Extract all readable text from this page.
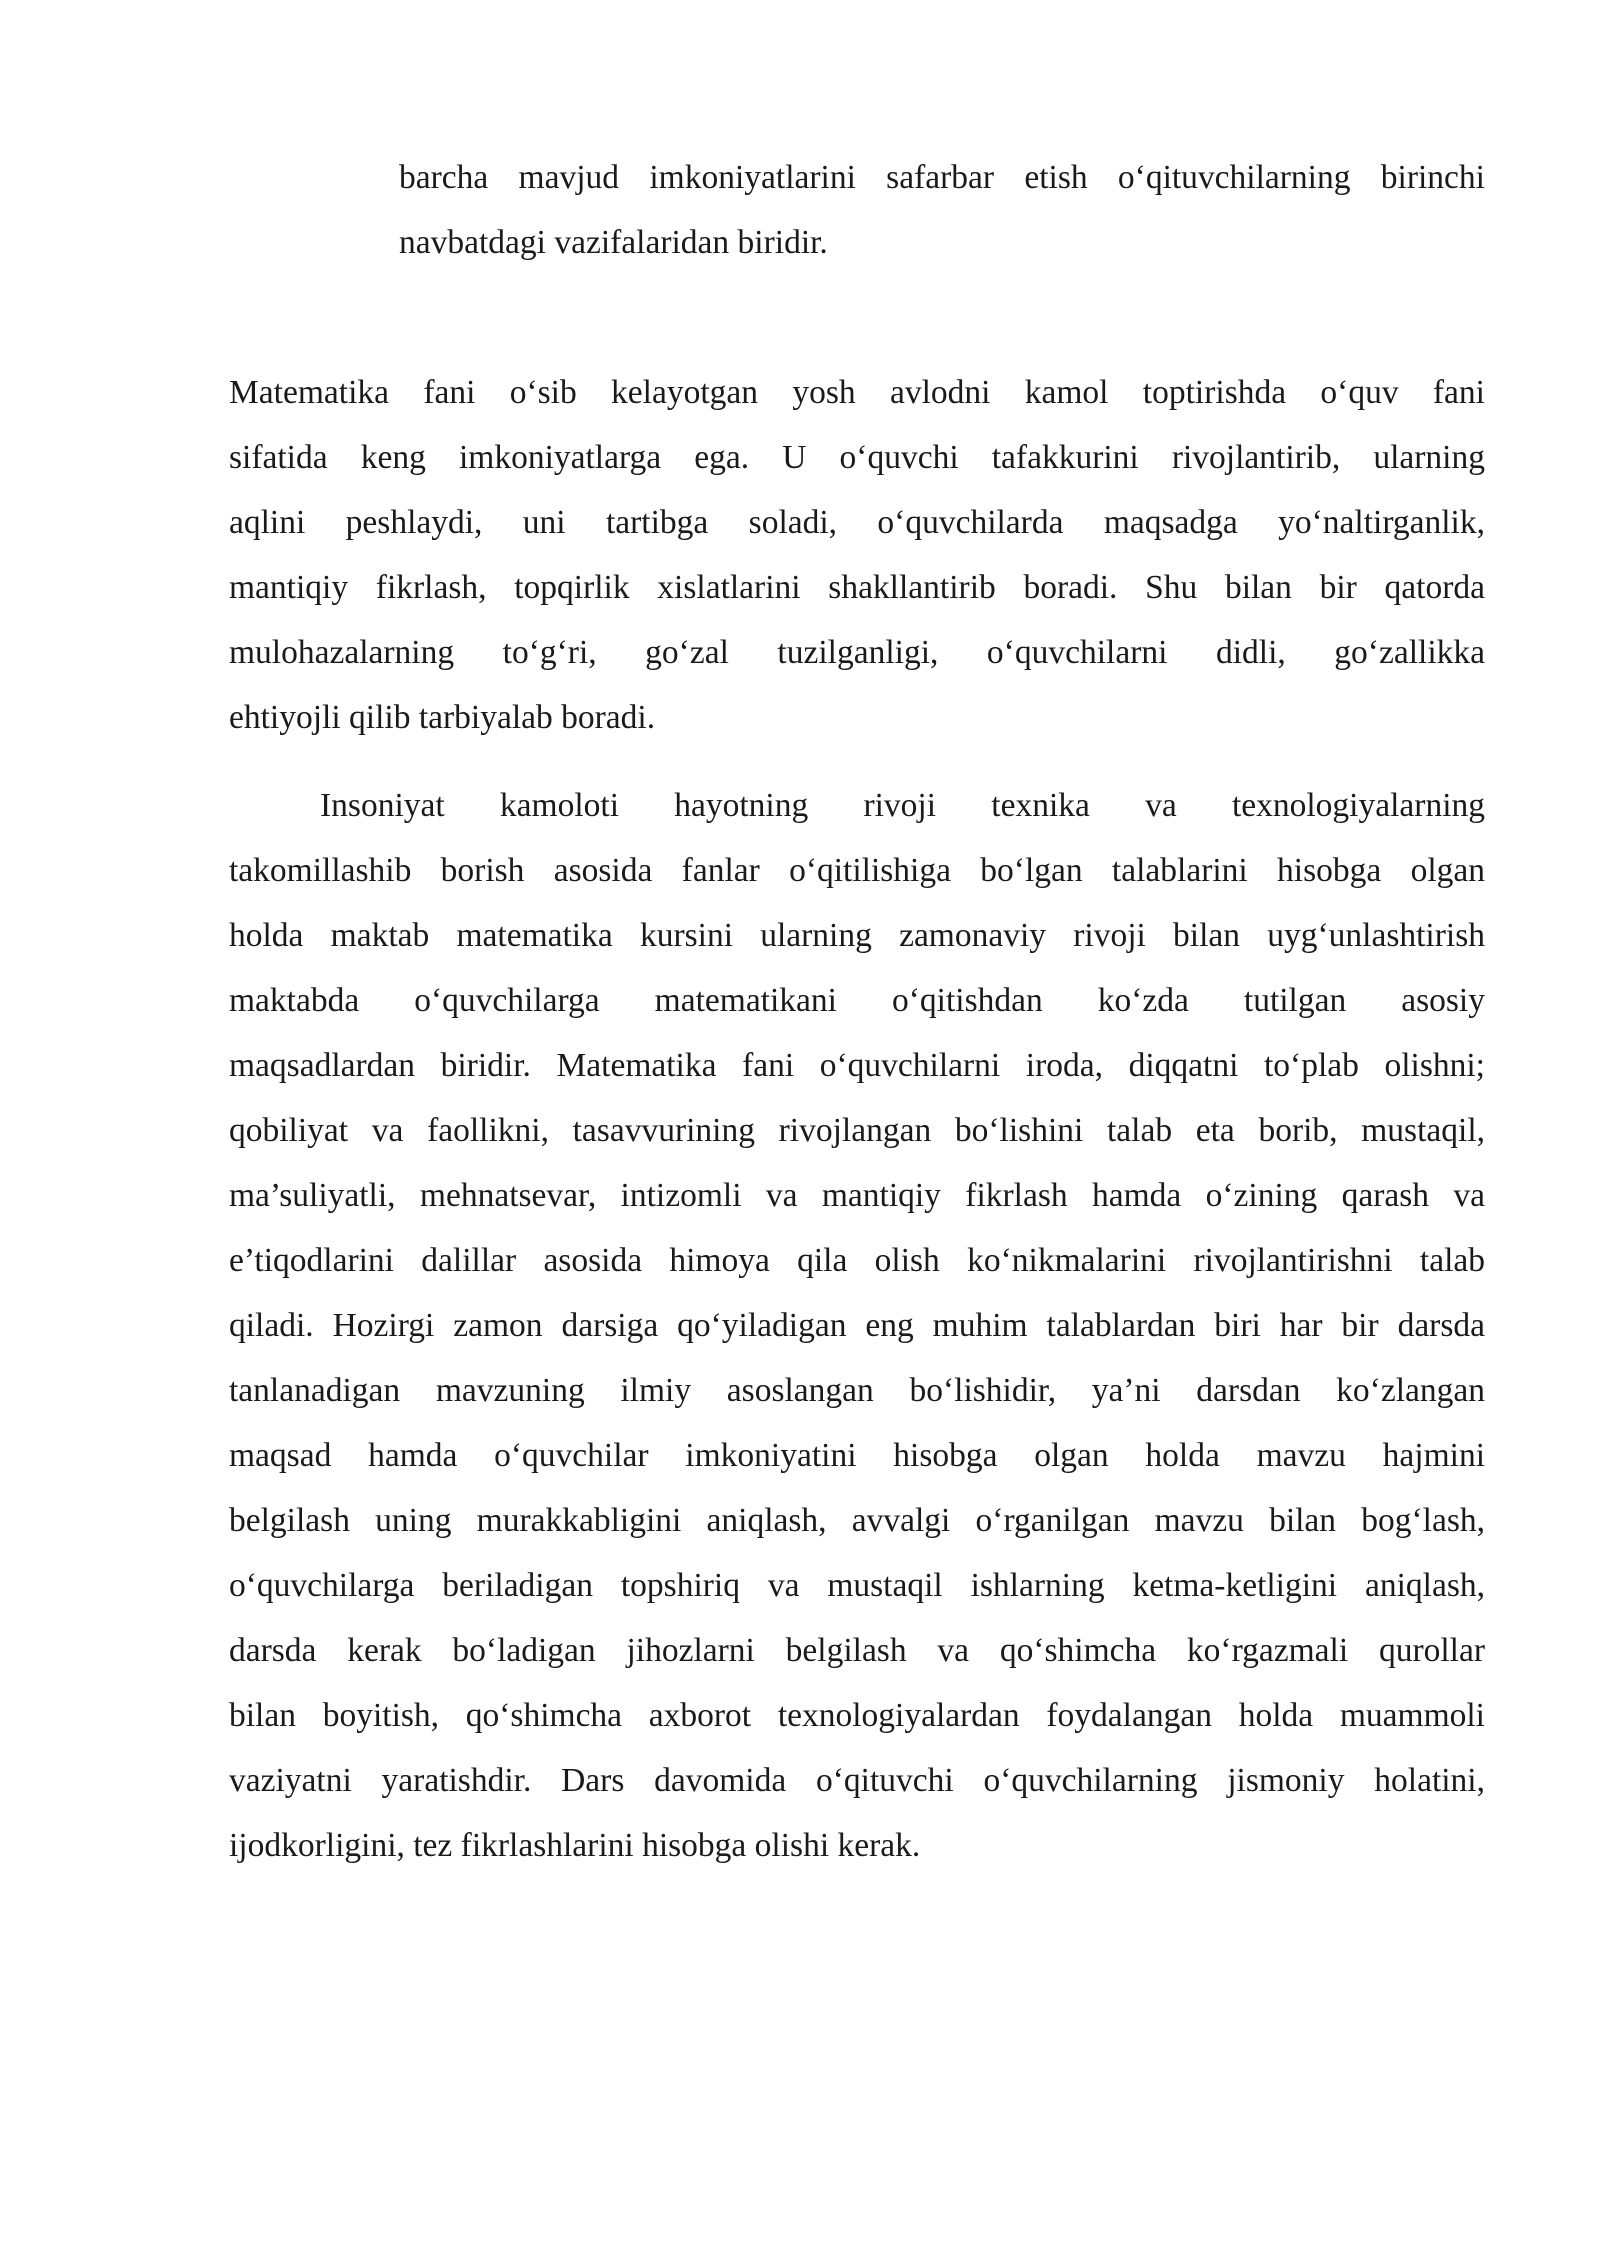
barcha mavjud imkoniyatlarini safarbar etish o‘qituvchilarning birinchi
navbatdagi vazifalaridan biridir.
Matematika fani o‘sib kelayotgan yosh avlodni kamol toptirishda o‘quv fani
sifatida keng imkoniyatlarga ega. U o‘quvchi tafakkurini rivojlantirib, ularning
aqlini peshlaydi, uni tartibga soladi, o‘quvchilarda maqsadga yo‘naltirganlik,
mantiqiy fikrlash, topqirlik xislatlarini shakllantirib boradi. Shu bilan bir qatorda
mulohazalarning to‘g‘ri, go‘zal tuzilganligi, o‘quvchilarni didli, go‘zallikka
ehtiyojli qilib tarbiyalab boradi.
Insoniyat kamoloti hayotning rivoji texnika va texnologiyalarning
takomillashib borish asosida fanlar o‘qitilishiga bo‘lgan talablarini hisobga olgan
holda maktab matematika kursini ularning zamonaviy rivoji bilan uyg‘unlashtirish
maktabda o‘quvchilarga matematikani o‘qitishdan ko‘zda tutilgan asosiy
maqsadlardan biridir. Matematika fani o‘quvchilarni iroda, diqqatni to‘plab olishni;
qobiliyat va faollikni, tasavvurining rivojlangan bo‘lishini talab eta borib, mustaqil,
ma’suliyatli, mehnatsevar, intizomli va mantiqiy fikrlash hamda o‘zining qarash va
e’tiqodlarini dalillar asosida himoya qila olish ko‘nikmalarini rivojlantirishni talab
qiladi. Hozirgi zamon darsiga qo‘yiladigan eng muhim talablardan biri har bir darsda
tanlanadigan mavzuning ilmiy asoslangan bo‘lishidir, ya’ni darsdan ko‘zlangan
maqsad hamda o‘quvchilar imkoniyatini hisobga olgan holda mavzu hajmini
belgilash uning murakkabligini aniqlash, avvalgi o‘rganilgan mavzu bilan bog‘lash,
o‘quvchilarga beriladigan topshiriq va mustaqil ishlarning ketma-ketligini aniqlash,
darsda kerak bo‘ladigan jihozlarni belgilash va qo‘shimcha ko‘rgazmali qurollar
bilan boyitish, qo‘shimcha axborot texnologiyalardan foydalangan holda muammoli
vaziyatni yaratishdir. Dars davomida o‘qituvchi o‘quvchilarning jismoniy holatini,
ijodkorligini, tez fikrlashlarini hisobga olishi kerak.
